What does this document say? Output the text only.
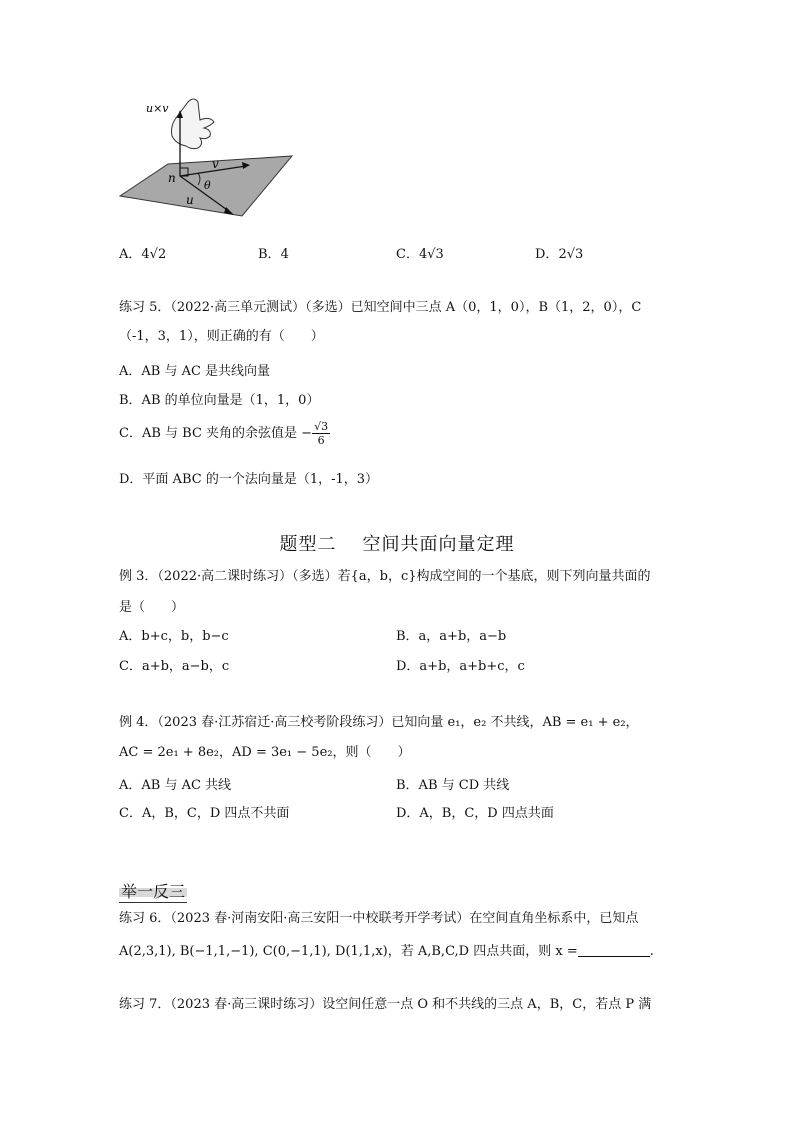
u×v
v
n
θ
u
A．4√2	B．4	C．4√3	D．2√3
练习 5．（2022·高三单元测试）（多选）已知空间中三点 A（0，1，0），B（1，2，0），C
（-1，3，1），则正确的有（　　）
A．AB 与 AC 是共线向量
B．AB 的单位向量是（1，1，0）
C．AB 与 BC 夹角的余弦值是 − $\frac{√3}{6}$
D．平面 ABC 的一个法向量是（1，-1，3）
题型二 空间共面向量定理
例 3．（2022·高二课时练习）（多选）若{a，b，c}构成空间的一个基底，则下列向量共面的
是（　　）
A．b+c，b，b−c	B．a，a+b，a−b
C．a+b，a−b，c	D．a+b，a+b+c，c
例 4．（2023 春·江苏宿迁·高三校考阶段练习）已知向量 e₁，e₂ 不共线，AB = e₁ + e₂，
AC = 2e₁ + 8e₂，AD = 3e₁ − 5e₂，则（　　）
A．AB 与 AC 共线	B．AB 与 CD 共线
C．A，B，C，D 四点不共面	D．A，B，C，D 四点共面
举一反三
练习 6．（2023 春·河南安阳·高三安阳一中校联考开学考试）在空间直角坐标系中，已知点
A(2,3,1), B(−1,1,−1), C(0,−1,1), D(1,1,x)，若 A,B,C,D 四点共面，则 x =	.
练习 7．（2023 春·高三课时练习）设空间任意一点 O 和不共线的三点 A，B，C，若点 P 满
